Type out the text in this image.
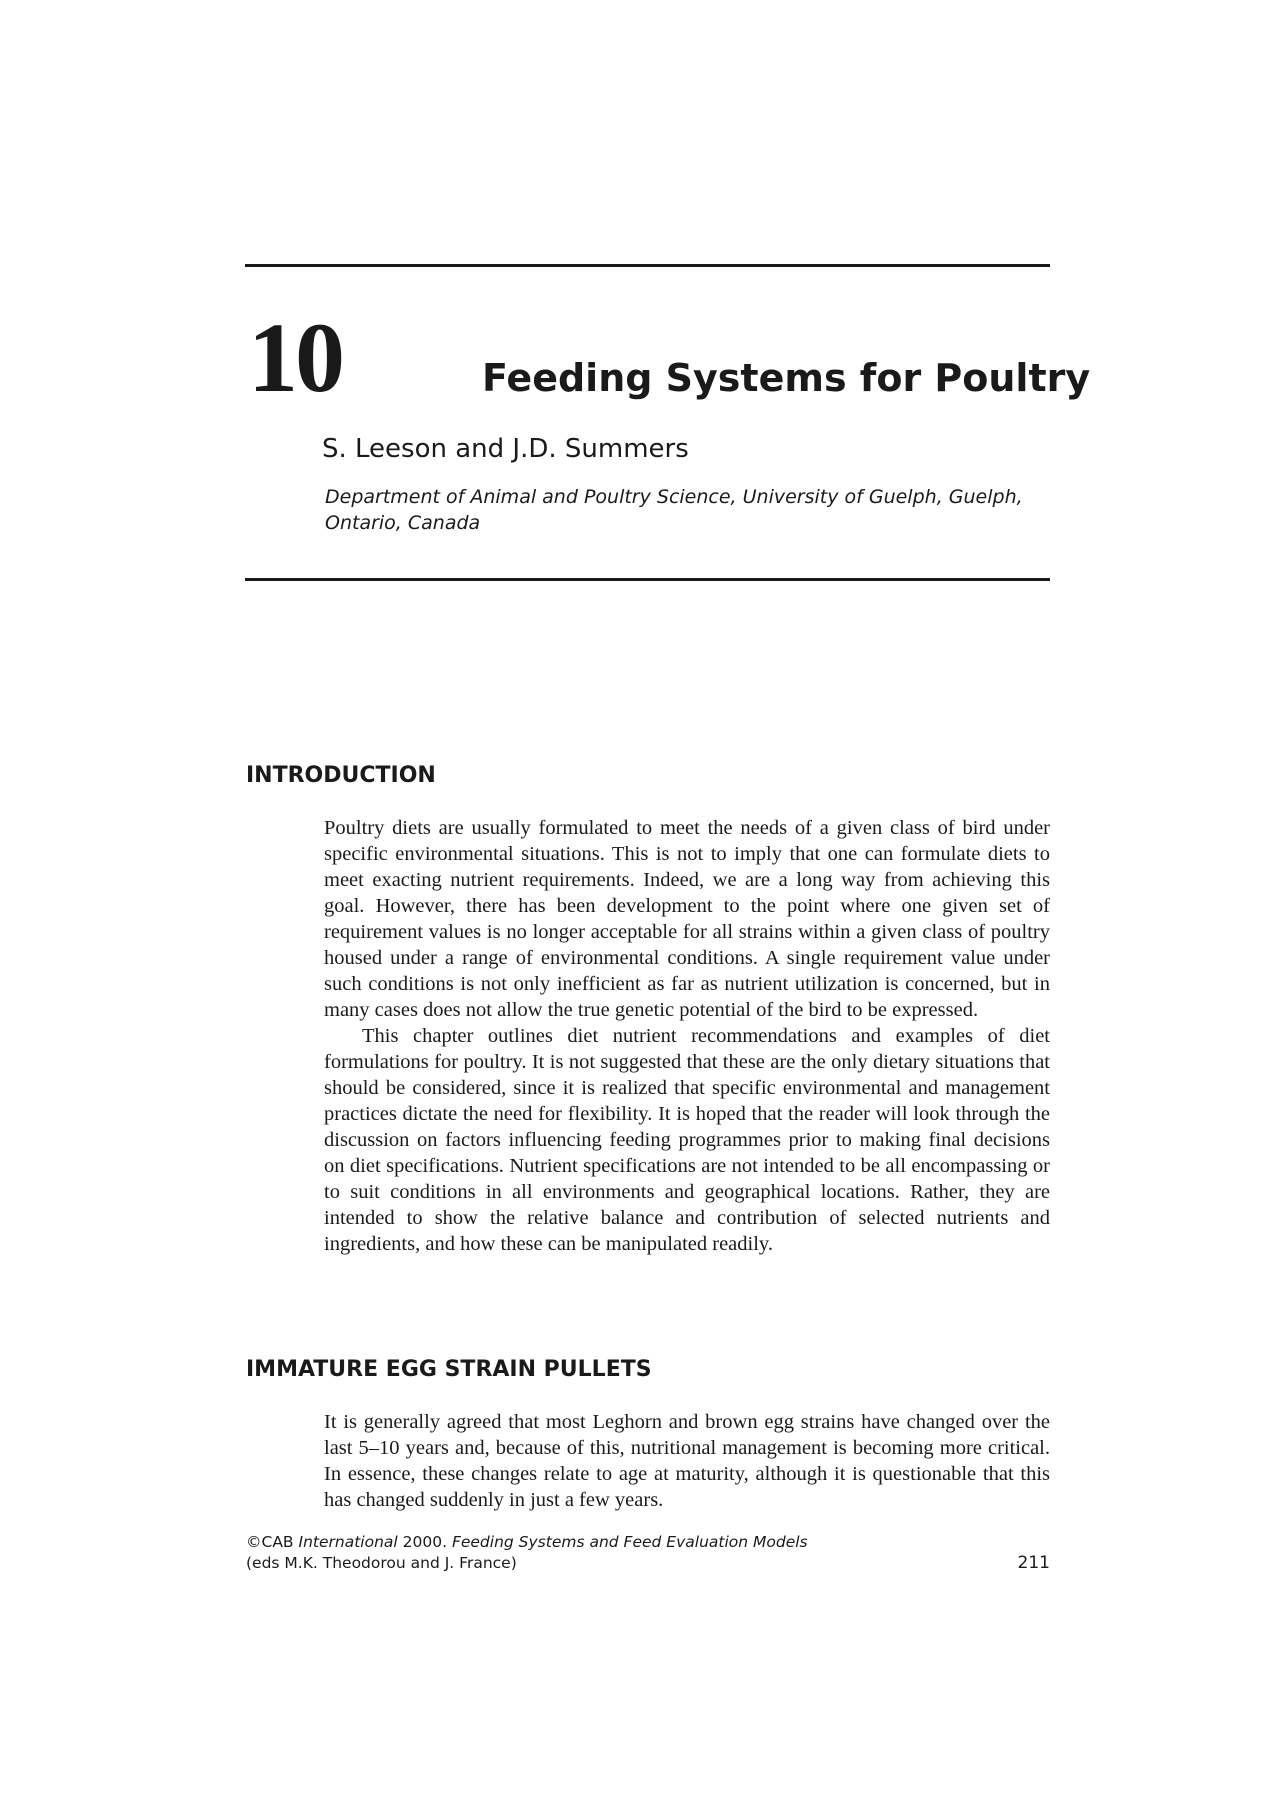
10	Feeding Systems for Poultry
S. Leeson and J.D. Summers
Department of Animal and Poultry Science, University of Guelph, Guelph, Ontario, Canada
INTRODUCTION

Poultry diets are usually formulated to meet the needs of a given class of bird under specific environmental situations. This is not to imply that one can formulate diets to meet exacting nutrient requirements. Indeed, we are a long way from achieving this goal. However, there has been development to the point where one given set of requirement values is no longer acceptable for all strains within a given class of poultry housed under a range of environmental conditions. A single requirement value under such conditions is not only inefficient as far as nutrient utilization is concerned, but in many cases does not allow the true genetic potential of the bird to be expressed.

This chapter outlines diet nutrient recommendations and examples of diet formulations for poultry. It is not suggested that these are the only dietary situations that should be considered, since it is realized that specific environmental and management practices dictate the need for flexibility. It is hoped that the reader will look through the discussion on factors influencing feeding programmes prior to making final decisions on diet specifications. Nutrient specifications are not intended to be all encompassing or to suit conditions in all environments and geographical locations. Rather, they are intended to show the relative balance and contribution of selected nutrients and ingredients, and how these can be manipulated readily.

IMMATURE EGG STRAIN PULLETS

It is generally agreed that most Leghorn and brown egg strains have changed over the last 5–10 years and, because of this, nutritional management is becoming more critical. In essence, these changes relate to age at maturity, although it is questionable that this has changed suddenly in just a few years.

©CAB International 2000. Feeding Systems and Feed Evaluation Models
(eds M.K. Theodorou and J. France)	211
